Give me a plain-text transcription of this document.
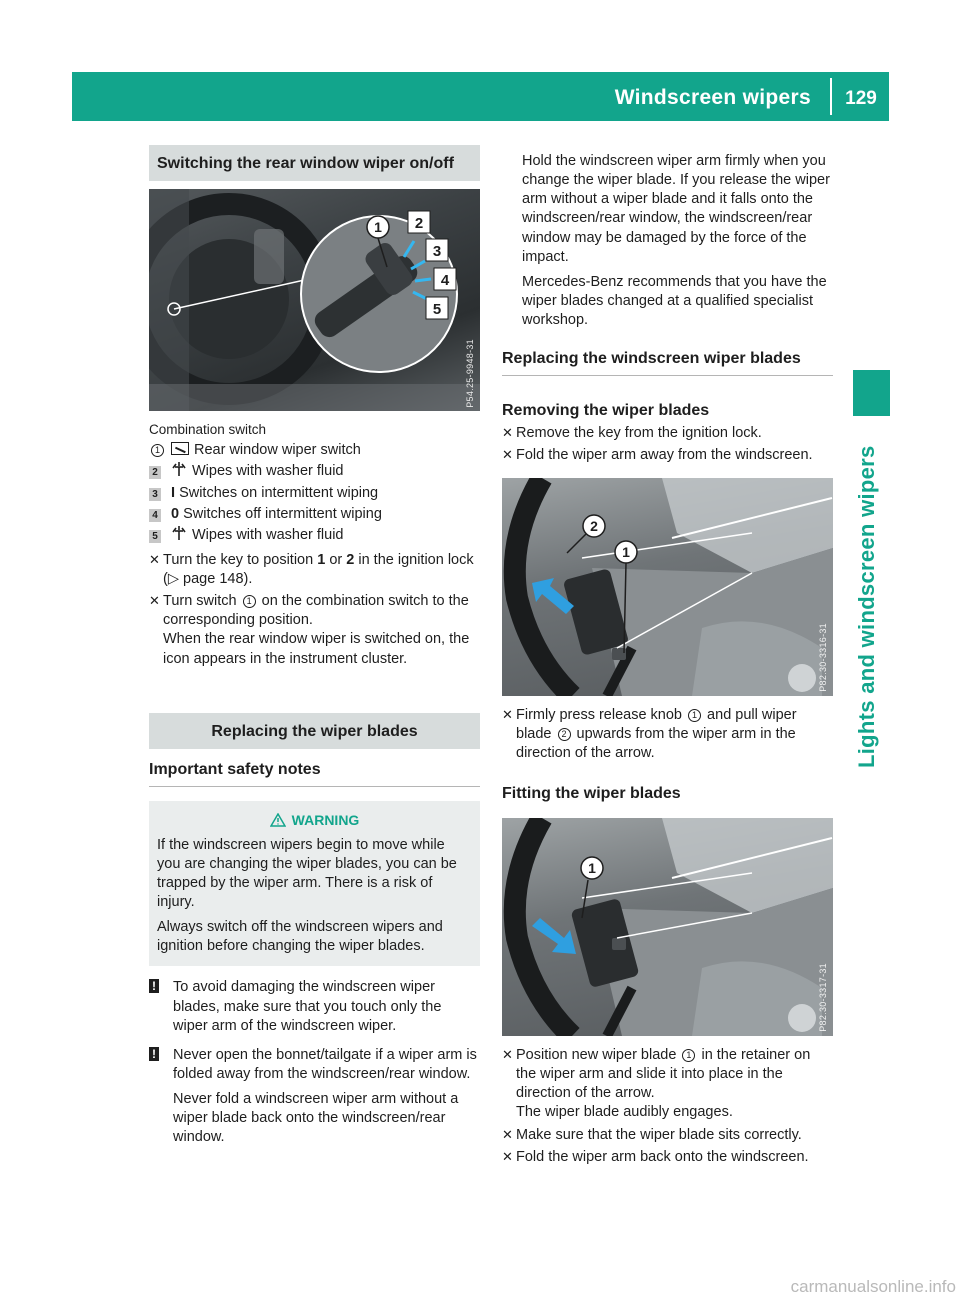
Windscreen wipers	129
Lights and windscreen wipers
Switching the rear window wiper on/off
1 2
3
4
5
P54.25-9948-31
Combination switch
1	Rear window wiper switch
2	Wipes with washer fluid
3 I Switches on intermittent wiping
4 0 Switches off intermittent wiping
5	Wipes with washer fluid
✕ Turn the key to position 1 or 2 in the ignition lock (▷ page 148).
✕ Turn switch 1 on the combination switch to the corresponding position.
When the rear window wiper is switched on, the icon appears in the instrument cluster.
Replacing the wiper blades
Important safety notes
WARNING

If the windscreen wipers begin to move while you are changing the wiper blades, you can be trapped by the wiper arm. There is a risk of injury.

Always switch off the windscreen wipers and ignition before changing the wiper blades.

! To avoid damaging the windscreen wiper blades, make sure that you touch only the wiper arm of the windscreen wiper.

! Never open the bonnet/tailgate if a wiper arm is folded away from the windscreen/rear window.

Never fold a windscreen wiper arm without a wiper blade back onto the windscreen/rear window.

Hold the windscreen wiper arm firmly when you change the wiper blade. If you release the wiper arm without a wiper blade and it falls onto the windscreen/rear window, the windscreen/rear window may be damaged by the force of the impact.

Mercedes-Benz recommends that you have the wiper blades changed at a qualified specialist workshop.

Replacing the windscreen wiper blades
Removing the wiper blades
✕ Remove the key from the ignition lock.
✕ Fold the wiper arm away from the windscreen.
1
2
P82.30-3316-31
✕ Firmly press release knob 1 and pull wiper blade 2 upwards from the wiper arm in the direction of the arrow.
Fitting the wiper blades
1
P82.30-3317-31
✕ Position new wiper blade 1 in the retainer on the wiper arm and slide it into place in the direction of the arrow.
The wiper blade audibly engages.
✕ Make sure that the wiper blade sits correctly.
✕ Fold the wiper arm back onto the windscreen.
carmanualsonline.info
